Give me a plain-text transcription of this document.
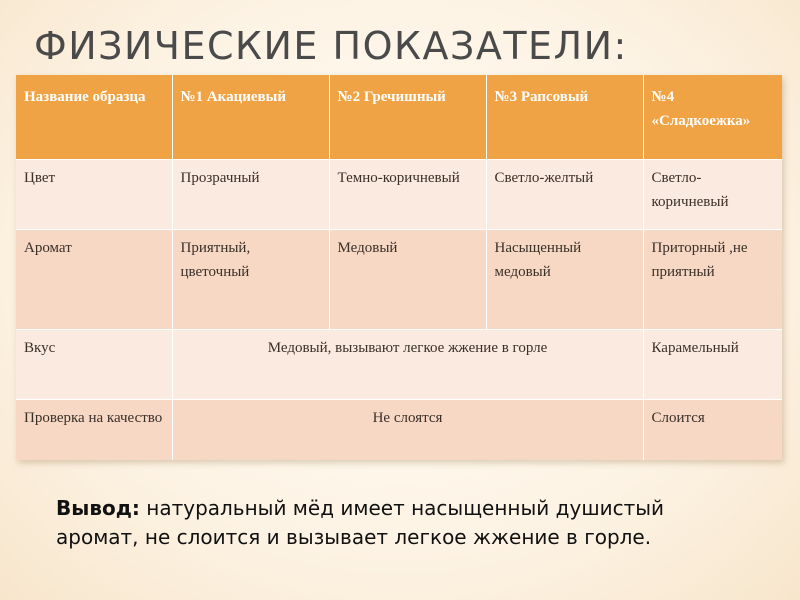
ФИЗИЧЕСКИЕ ПОКАЗАТЕЛИ:
Название образца	№1 Акациевый	№2 Гречишный	№3 Рапсовый	№4 «Сладкоежка»
Цвет	Прозрачный	Темно-коричневый	Светло-желтый	Светло-коричневый
Аромат	Приятный, цветочный	Медовый	Насыщенный медовый	Приторный ,не приятный
Вкус	Медовый, вызывают легкое жжение в горле			Карамельный
Проверка на качество	Не слоятся			Слоится

Вывод: натуральный мёд имеет насыщенный душистый аромат, не слоится и вызывает легкое жжение в горле.
